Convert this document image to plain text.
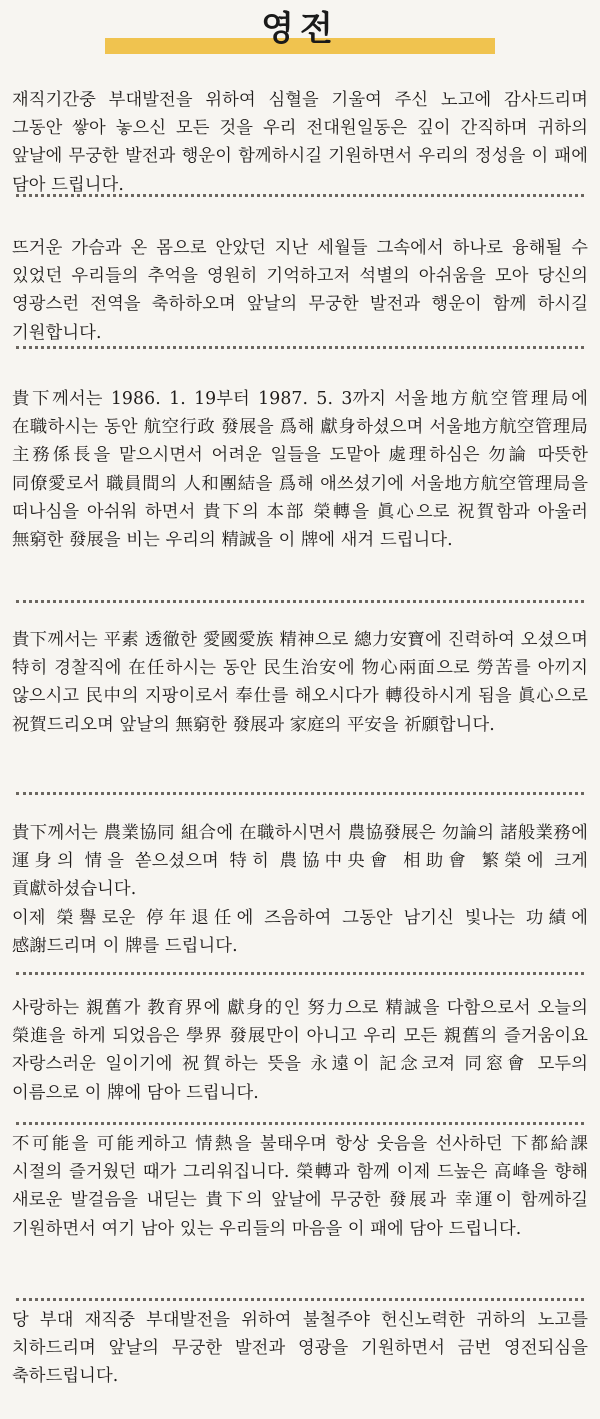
영전

재직기간중 부대발전을 위하여 심혈을 기울여 주신 노고에 감사드리며 그동안 쌓아 놓으신 모든 것을 우리 전대원일동은 깊이 간직하며 귀하의 앞날에 무궁한 발전과 행운이 함께하시길 기원하면서 우리의 정성을 이 패에 담아 드립니다.

뜨거운 가슴과 온 몸으로 안았던 지난 세월들 그속에서 하나로 융해될 수 있었던 우리들의 추억을 영원히 기억하고저 석별의 아쉬움을 모아 당신의 영광스런 전역을 축하하오며 앞날의 무궁한 발전과 행운이 함께 하시길 기원합니다.

貴下께서는 1986. 1. 19부터 1987. 5. 3까지 서울地方航空管理局에 在職하시는 동안 航空行政 發展을 爲해 獻身하셨으며 서울地方航空管理局 主務係長을 맡으시면서 어려운 일들을 도맡아 處理하심은 勿論 따뜻한 同僚愛로서 職員間의 人和團結을 爲해 애쓰셨기에 서울地方航空管理局을 떠나심을 아쉬워 하면서 貴下의 本部 榮轉을 眞心으로 祝賀함과 아울러 無窮한 發展을 비는 우리의 精誠을 이 牌에 새겨 드립니다.

貴下께서는 平素 透徹한 愛國愛族 精神으로 總力安寶에 진력하여 오셨으며 特히 경찰직에 在任하시는 동안 民生治安에 物心兩面으로 勞苦를 아끼지 않으시고 民中의 지팡이로서 奉仕를 해오시다가 轉役하시게 됨을 眞心으로 祝賀드리오며 앞날의 無窮한 發展과 家庭의 平安을 祈願합니다.

貴下께서는 農業協同 組合에 在職하시면서 農協發展은 勿論의 諸般業務에 運身의 情을 쏟으셨으며 特히 農協中央會 相助會 繁榮에 크게 貢獻하셨습니다.
이제 榮譽로운 停年退任에 즈음하여 그동안 남기신 빛나는 功績에 感謝드리며 이 牌를 드립니다.

사랑하는 親舊가 教育界에 獻身的인 努力으로 精誠을 다함으로서 오늘의 榮進을 하게 되었음은 學界 發展만이 아니고 우리 모든 親舊의 즐거움이요 자랑스러운 일이기에 祝賀하는 뜻을 永遠이 記念코져 同窓會 모두의 이름으로 이 牌에 담아 드립니다.

不可能을 可能케하고 情熱을 불태우며 항상 웃음을 선사하던 下都給課 시절의 즐거웠던 때가 그리워집니다. 榮轉과 함께 이제 드높은 高峰을 향해 새로운 발걸음을 내딛는 貴下의 앞날에 무궁한 發展과 幸運이 함께하길 기원하면서 여기 남아 있는 우리들의 마음을 이 패에 담아 드립니다.

당 부대 재직중 부대발전을 위하여 불철주야 헌신노력한 귀하의 노고를 치하드리며 앞날의 무궁한 발전과 영광을 기원하면서 금번 영전되심을 축하드립니다.
